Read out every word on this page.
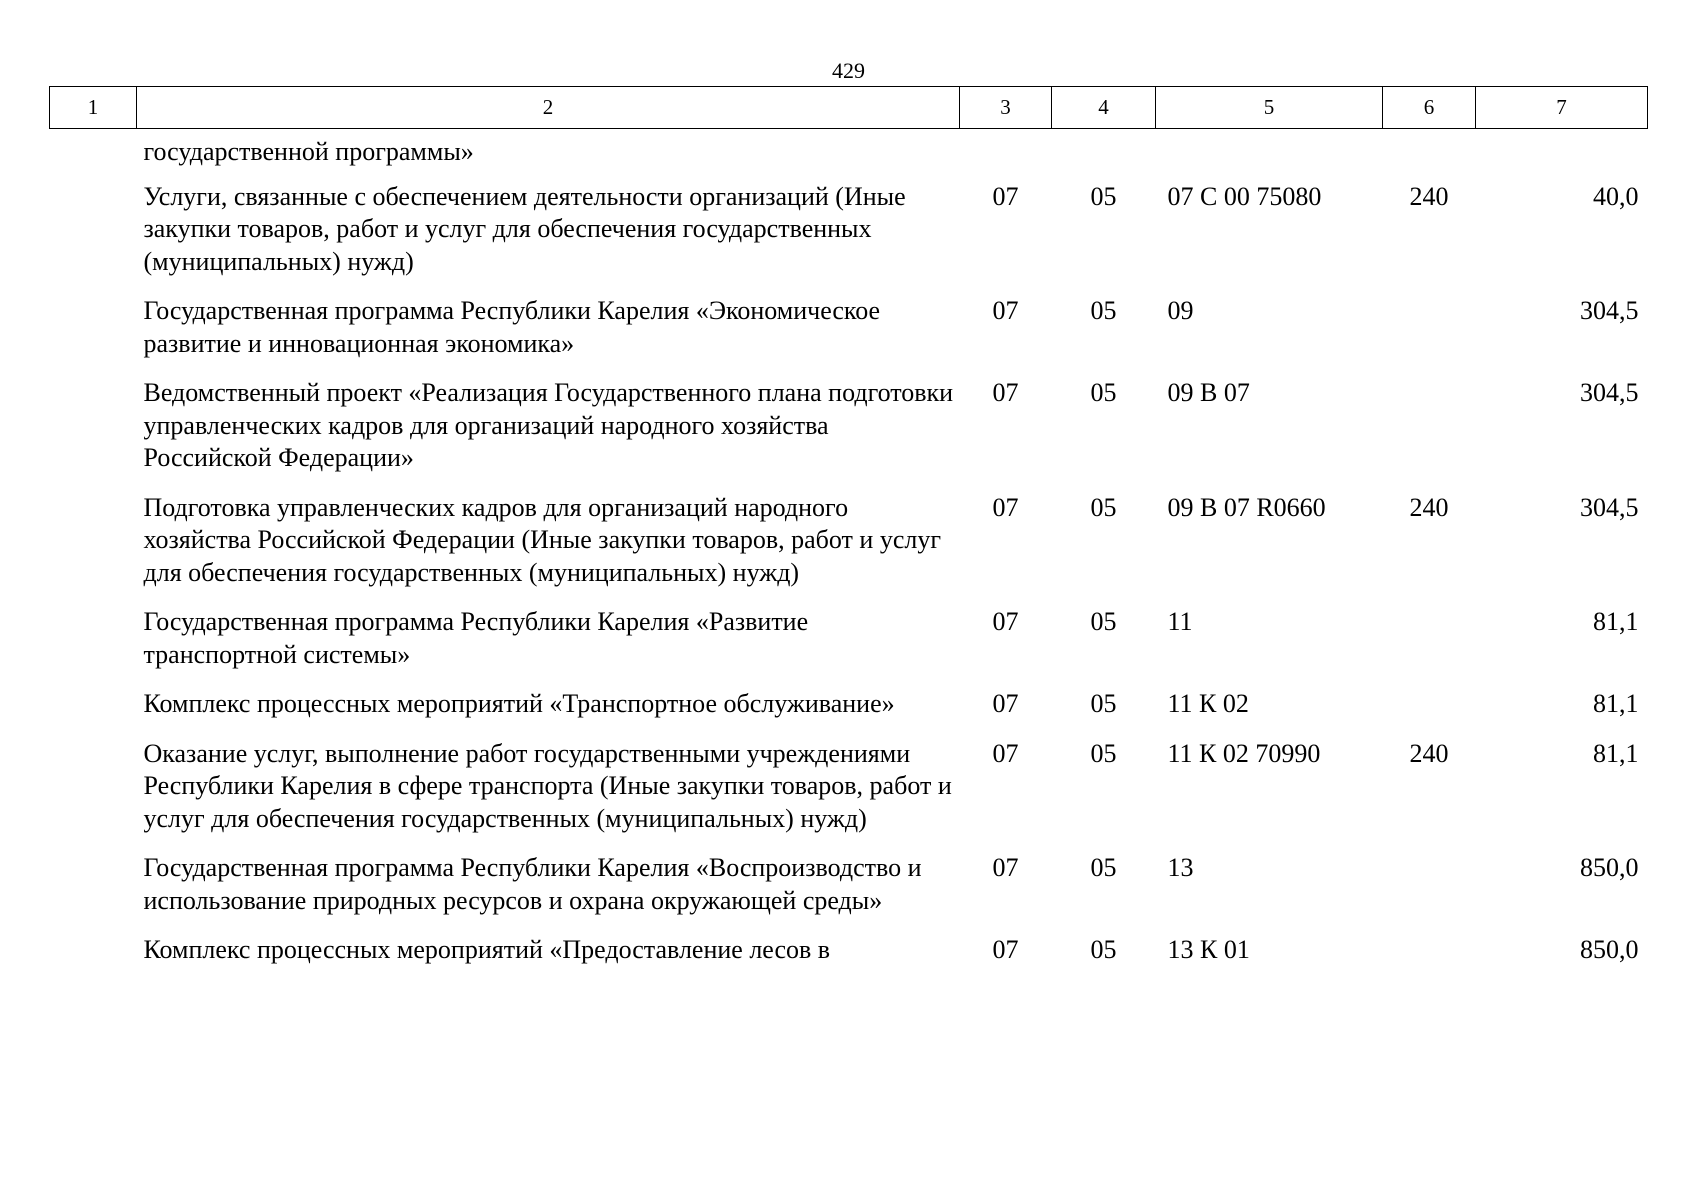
429
1	2	3	4	5	6	7
государственной программы»						
Услуги, связанные с обеспечением деятельности организаций (Иные закупки товаров, работ и услуг для обеспечения государственных (муниципальных) нужд)		07	05	07 С 00 75080	240	40,0
Государственная программа Республики Карелия «Экономическое развитие и инновационная экономика»		07	05	09		304,5
Ведомственный проект «Реализация Государственного плана подготовки управленческих кадров для организаций народного хозяйства Российской Федерации»		07	05	09 В 07		304,5
Подготовка управленческих кадров для организаций народного хозяйства Российской Федерации (Иные закупки товаров, работ и услуг для обеспечения государственных (муниципальных) нужд)		07	05	09 В 07 R0660	240	304,5
Государственная программа Республики Карелия «Развитие транспортной системы»		07	05	11		81,1
Комплекс процессных мероприятий «Транспортное обслуживание»		07	05	11 К 02		81,1
Оказание услуг, выполнение работ государственными учреждениями Республики Карелия в сфере транспорта (Иные закупки товаров, работ и услуг для обеспечения государственных (муниципальных) нужд)		07	05	11 К 02 70990	240	81,1
Государственная программа Республики Карелия «Воспроизводство и использование природных ресурсов и охрана окружающей среды»		07	05	13		850,0
Комплекс процессных мероприятий «Предоставление лесов в		07	05	13 К 01		850,0
